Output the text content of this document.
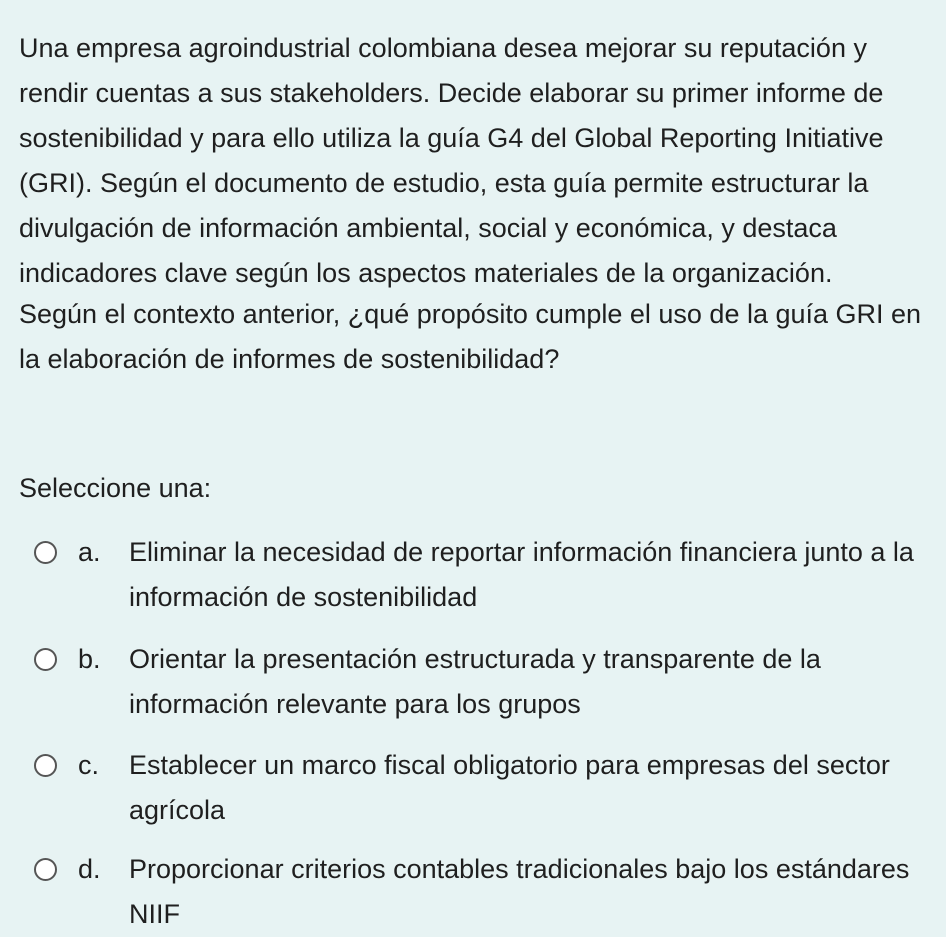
Una empresa agroindustrial colombiana desea mejorar su reputación y rendir cuentas a sus stakeholders. Decide elaborar su primer informe de sostenibilidad y para ello utiliza la guía G4 del Global Reporting Initiative (GRI). Según el documento de estudio, esta guía permite estructurar la divulgación de información ambiental, social y económica, y destaca indicadores clave según los aspectos materiales de la organización.

Según el contexto anterior, ¿qué propósito cumple el uso de la guía GRI en la elaboración de informes de sostenibilidad?

Seleccione una:

a. Eliminar la necesidad de reportar información financiera junto a la información de sostenibilidad
b. Orientar la presentación estructurada y transparente de la información relevante para los grupos
c. Establecer un marco fiscal obligatorio para empresas del sector agrícola
d. Proporcionar criterios contables tradicionales bajo los estándares NIIF
